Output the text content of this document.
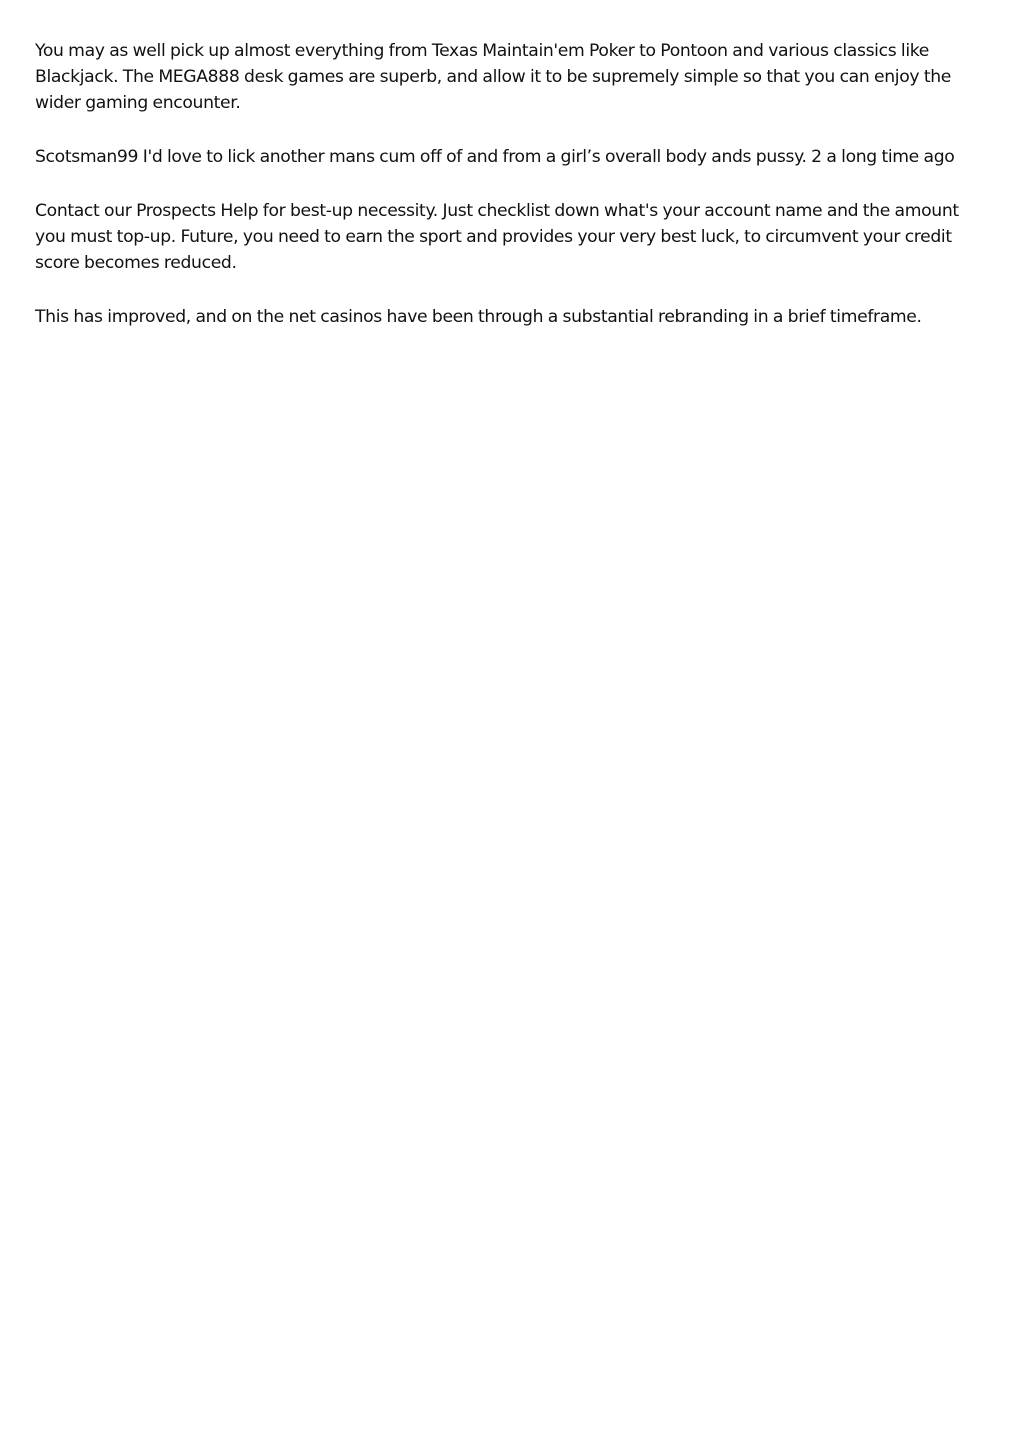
You may as well pick up almost everything from Texas Maintain'em Poker to Pontoon and various classics like Blackjack. The MEGA888 desk games are superb, and allow it to be supremely simple so that you can enjoy the wider gaming encounter.

Scotsman99 I'd love to lick another mans cum off of and from a girl’s overall body ands pussy. 2 a long time ago

Contact our Prospects Help for best-up necessity. Just checklist down what's your account name and the amount you must top-up. Future, you need to earn the sport and provides your very best luck, to circumvent your credit score becomes reduced.

This has improved, and on the net casinos have been through a substantial rebranding in a brief timeframe.
